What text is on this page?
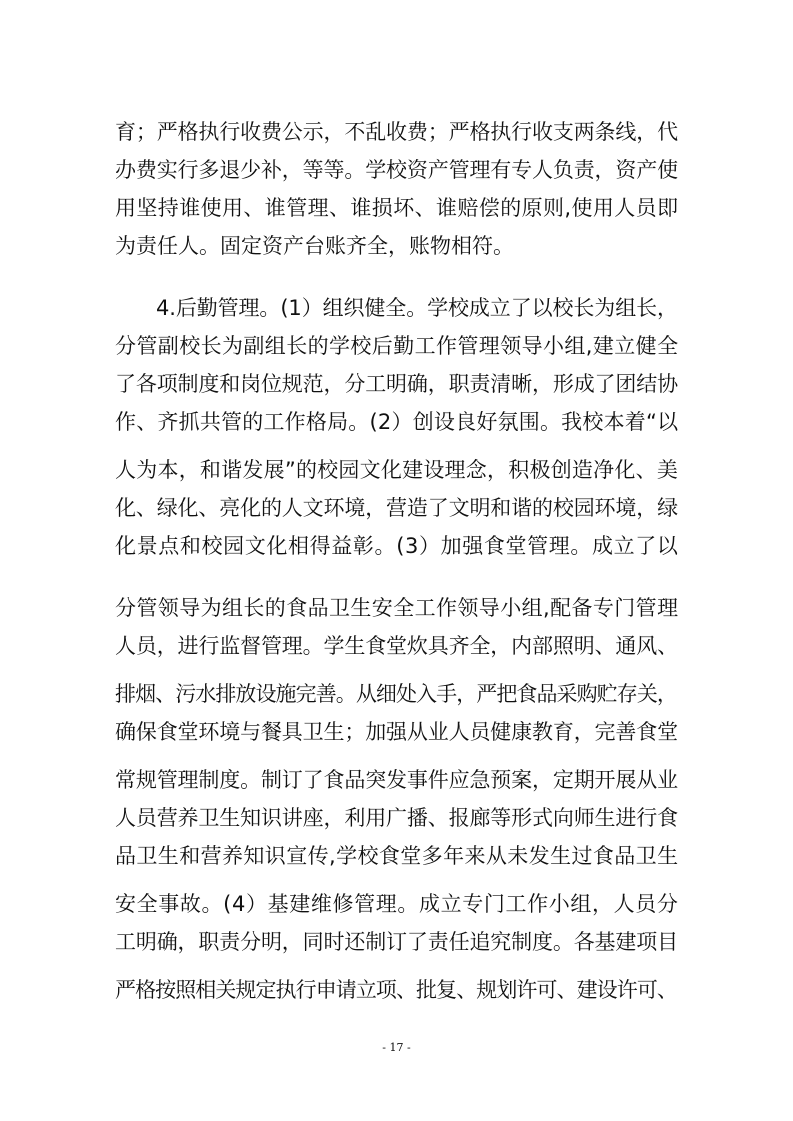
育；严格执行收费公示，不乱收费；严格执行收支两条线，代
办费实行多退少补，等等。学校资产管理有专人负责，资产使
用坚持谁使用、谁管理、谁损坏、谁赔偿的原则,使用人员即
为责任人。固定资产台账齐全，账物相符。
4.后勤管理。(1）组织健全。学校成立了以校长为组长，
分管副校长为副组长的学校后勤工作管理领导小组,建立健全
了各项制度和岗位规范，分工明确，职责清晰，形成了团结协
作、齐抓共管的工作格局。(2）创设良好氛围。我校本着“以
人为本，和谐发展”的校园文化建设理念，积极创造净化、美
化、绿化、亮化的人文环境，营造了文明和谐的校园环境，绿
化景点和校园文化相得益彰。(3）加强食堂管理。成立了以
分管领导为组长的食品卫生安全工作领导小组,配备专门管理
人员，进行监督管理。学生食堂炊具齐全，内部照明、通风、
排烟、污水排放设施完善。从细处入手，严把食品采购贮存关，
确保食堂环境与餐具卫生；加强从业人员健康教育，完善食堂
常规管理制度。制订了食品突发事件应急预案，定期开展从业
人员营养卫生知识讲座，利用广播、报廊等形式向师生进行食
品卫生和营养知识宣传,学校食堂多年来从未发生过食品卫生
安全事故。(4）基建维修管理。成立专门工作小组，人员分
工明确，职责分明，同时还制订了责任追究制度。各基建项目
严格按照相关规定执行申请立项、批复、规划许可、建设许可、
- 17 -
